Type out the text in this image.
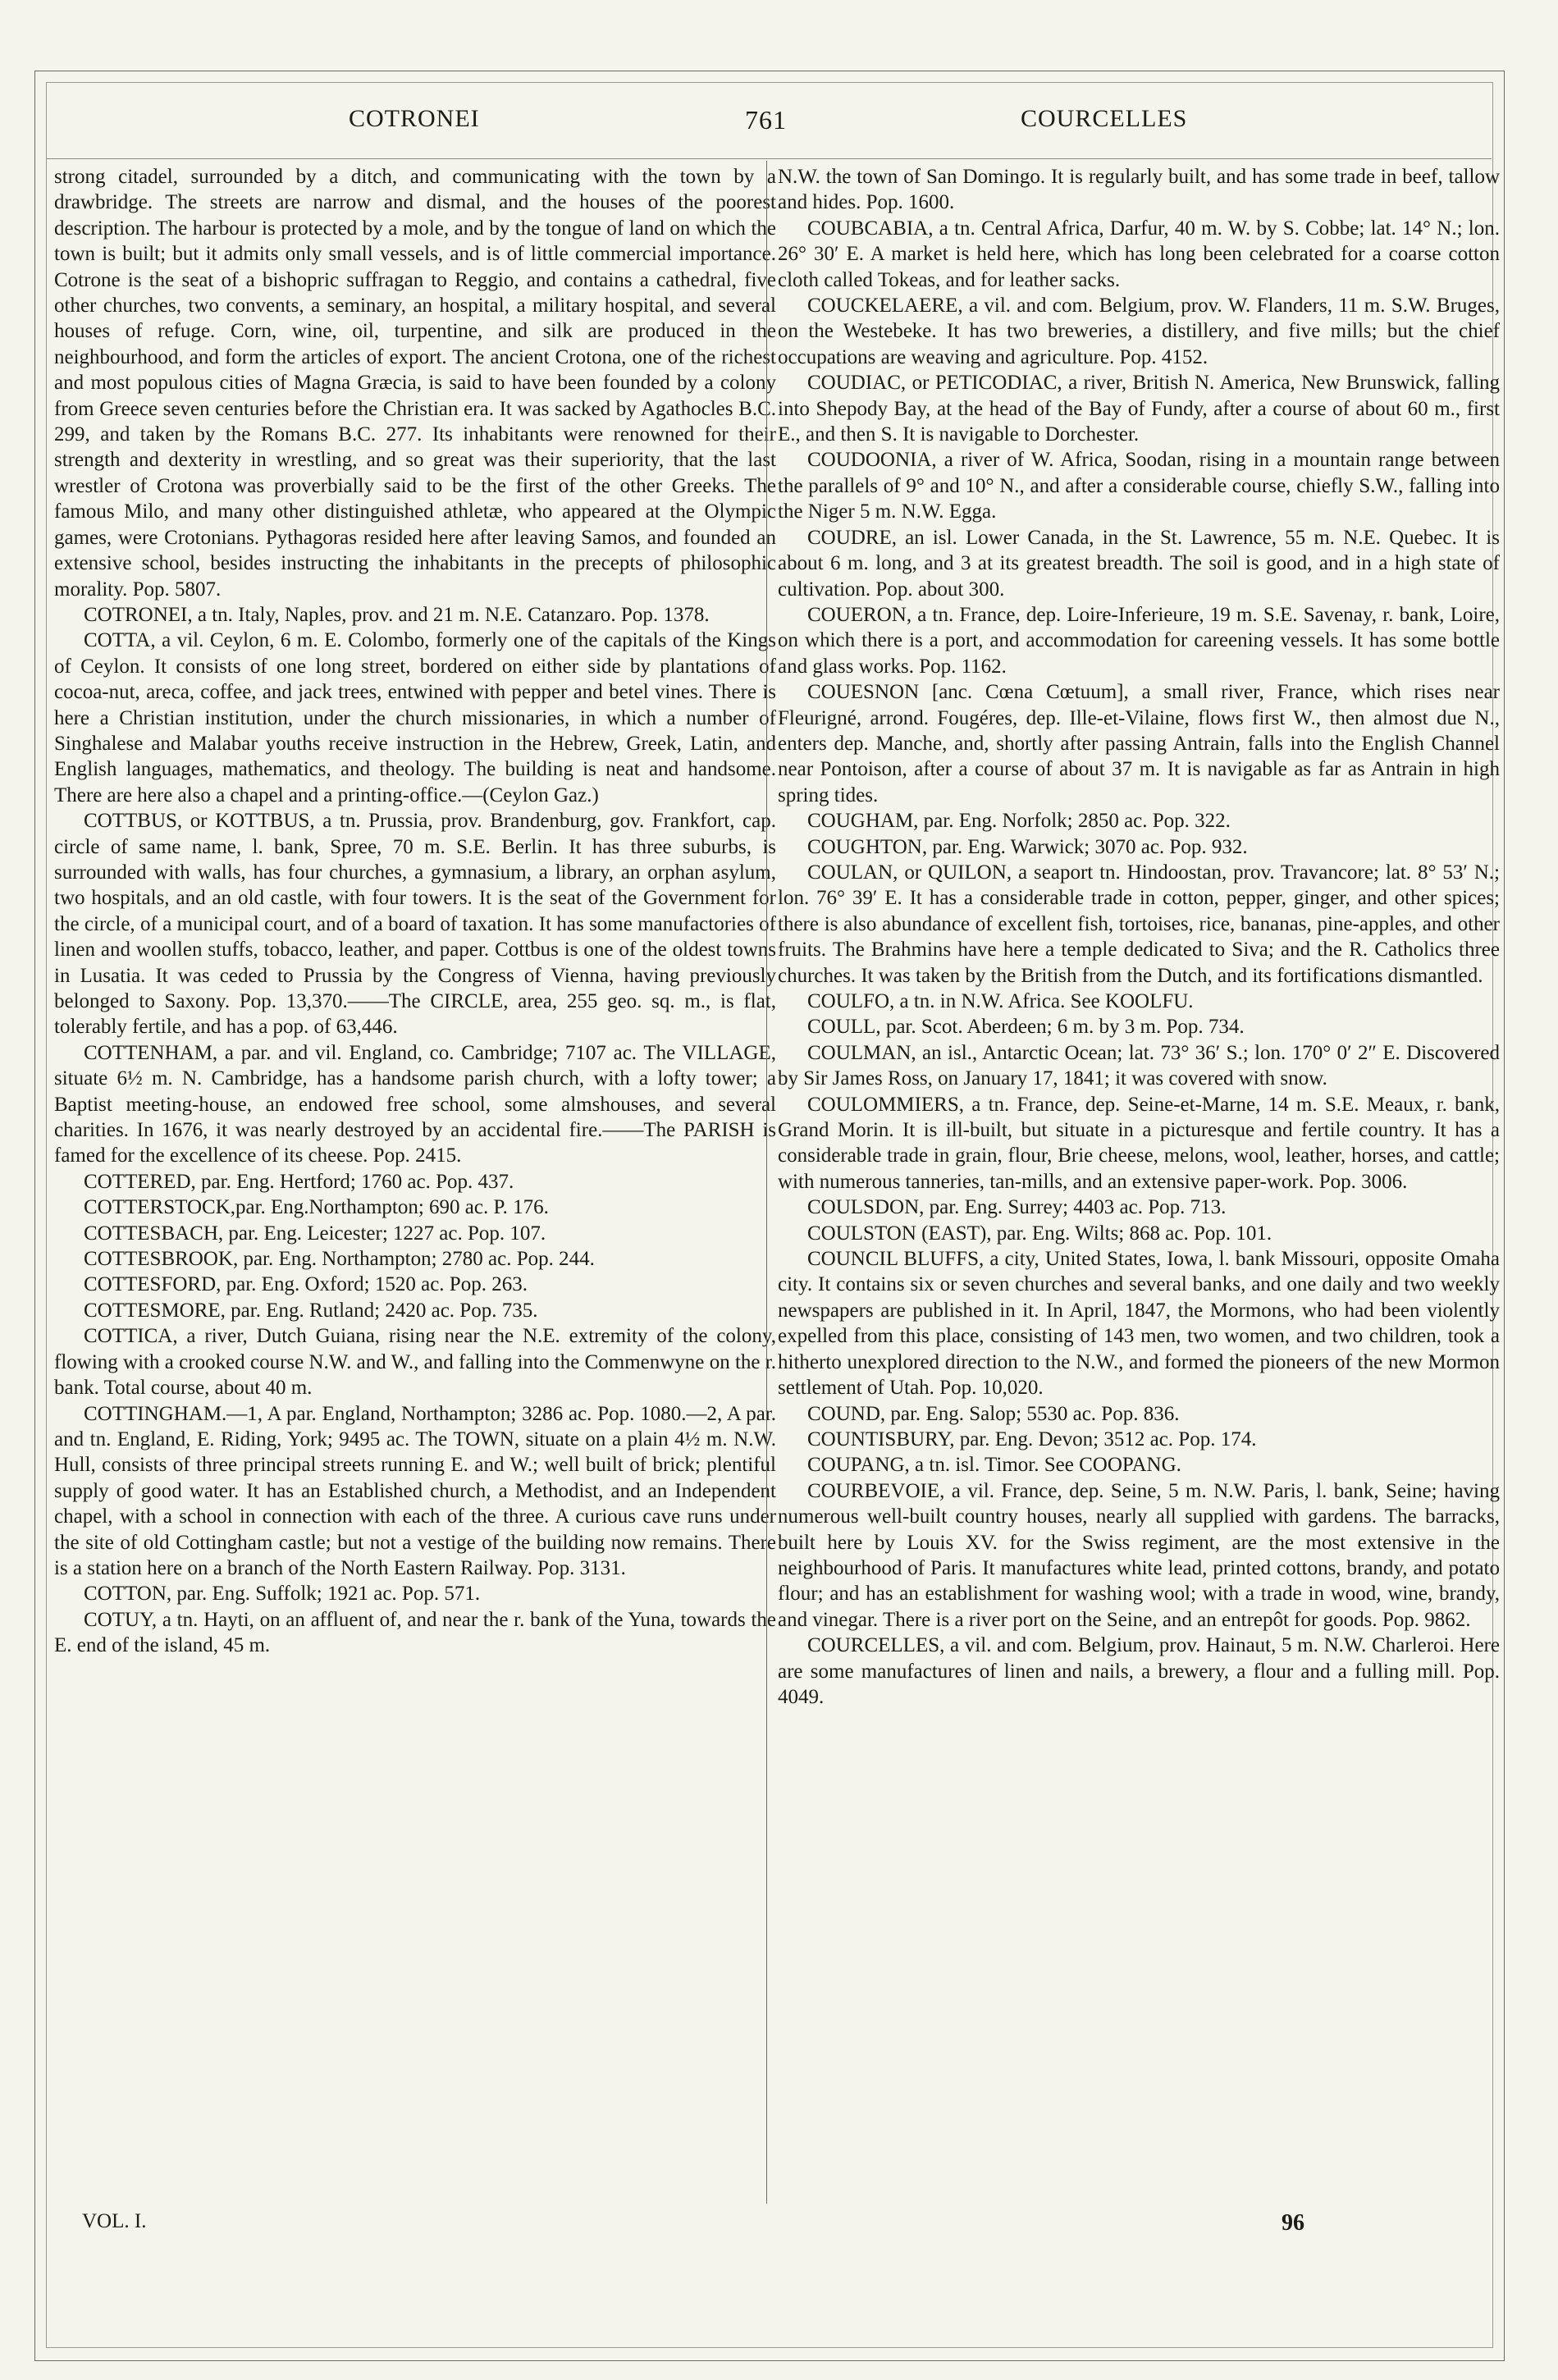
COTRONEI	761	COURCELLES

strong citadel, surrounded by a ditch, and communicating with the town by a drawbridge. The streets are narrow and dismal, and the houses of the poorest description. The harbour is protected by a mole, and by the tongue of land on which the town is built; but it admits only small vessels, and is of little commercial importance. Cotrone is the seat of a bishopric suffragan to Reggio, and contains a cathedral, five other churches, two convents, a seminary, an hospital, a military hospital, and several houses of refuge. Corn, wine, oil, turpentine, and silk are produced in the neighbourhood, and form the articles of export. The ancient Crotona, one of the richest and most populous cities of Magna Græcia, is said to have been founded by a colony from Greece seven centuries before the Christian era. It was sacked by Agathocles B.C. 299, and taken by the Romans B.C. 277. Its inhabitants were renowned for their strength and dexterity in wrestling, and so great was their superiority, that the last wrestler of Crotona was proverbially said to be the first of the other Greeks. The famous Milo, and many other distinguished athletæ, who appeared at the Olympic games, were Crotonians. Pythagoras resided here after leaving Samos, and founded an extensive school, besides instructing the inhabitants in the precepts of philosophic morality. Pop. 5807.

COTRONEI, a tn. Italy, Naples, prov. and 21 m. N.E. Catanzaro. Pop. 1378.

COTTA, a vil. Ceylon, 6 m. E. Colombo, formerly one of the capitals of the Kings of Ceylon. It consists of one long street, bordered on either side by plantations of cocoa-nut, areca, coffee, and jack trees, entwined with pepper and betel vines. There is here a Christian institution, under the church missionaries, in which a number of Singhalese and Malabar youths receive instruction in the Hebrew, Greek, Latin, and English languages, mathematics, and theology. The building is neat and handsome. There are here also a chapel and a printing-office.—(Ceylon Gaz.)

COTTBUS, or KOTTBUS, a tn. Prussia, prov. Brandenburg, gov. Frankfort, cap. circle of same name, l. bank, Spree, 70 m. S.E. Berlin. It has three suburbs, is surrounded with walls, has four churches, a gymnasium, a library, an orphan asylum, two hospitals, and an old castle, with four towers. It is the seat of the Government for the circle, of a municipal court, and of a board of taxation. It has some manufactories of linen and woollen stuffs, tobacco, leather, and paper. Cottbus is one of the oldest towns in Lusatia. It was ceded to Prussia by the Congress of Vienna, having previously belonged to Saxony. Pop. 13,370.——The CIRCLE, area, 255 geo. sq. m., is flat, tolerably fertile, and has a pop. of 63,446.

COTTENHAM, a par. and vil. England, co. Cambridge; 7107 ac. The VILLAGE, situate 6½ m. N. Cambridge, has a handsome parish church, with a lofty tower; a Baptist meeting-house, an endowed free school, some almshouses, and several charities. In 1676, it was nearly destroyed by an accidental fire.——The PARISH is famed for the excellence of its cheese. Pop. 2415.

COTTERED, par. Eng. Hertford; 1760 ac. Pop. 437.

COTTERSTOCK,par. Eng.Northampton; 690 ac. P. 176.

COTTESBACH, par. Eng. Leicester; 1227 ac. Pop. 107.

COTTESBROOK, par. Eng. Northampton; 2780 ac. Pop. 244.

COTTESFORD, par. Eng. Oxford; 1520 ac. Pop. 263.

COTTESMORE, par. Eng. Rutland; 2420 ac. Pop. 735.

COTTICA, a river, Dutch Guiana, rising near the N.E. extremity of the colony, flowing with a crooked course N.W. and W., and falling into the Commenwyne on the r. bank. Total course, about 40 m.

COTTINGHAM.—1, A par. England, Northampton; 3286 ac. Pop. 1080.—2, A par. and tn. England, E. Riding, York; 9495 ac. The TOWN, situate on a plain 4½ m. N.W. Hull, consists of three principal streets running E. and W.; well built of brick; plentiful supply of good water. It has an Established church, a Methodist, and an Independent chapel, with a school in connection with each of the three. A curious cave runs under the site of old Cottingham castle; but not a vestige of the building now remains. There is a station here on a branch of the North Eastern Railway. Pop. 3131.

COTTON, par. Eng. Suffolk; 1921 ac. Pop. 571.

COTUY, a tn. Hayti, on an affluent of, and near the r. bank of the Yuna, towards the E. end of the island, 45 m.

N.W. the town of San Domingo. It is regularly built, and has some trade in beef, tallow and hides. Pop. 1600.

COUBCABIA, a tn. Central Africa, Darfur, 40 m. W. by S. Cobbe; lat. 14° N.; lon. 26° 30′ E. A market is held here, which has long been celebrated for a coarse cotton cloth called Tokeas, and for leather sacks.

COUCKELAERE, a vil. and com. Belgium, prov. W. Flanders, 11 m. S.W. Bruges, on the Westebeke. It has two breweries, a distillery, and five mills; but the chief occupations are weaving and agriculture. Pop. 4152.

COUDIAC, or PETICODIAC, a river, British N. America, New Brunswick, falling into Shepody Bay, at the head of the Bay of Fundy, after a course of about 60 m., first E., and then S. It is navigable to Dorchester.

COUDOONIA, a river of W. Africa, Soodan, rising in a mountain range between the parallels of 9° and 10° N., and after a considerable course, chiefly S.W., falling into the Niger 5 m. N.W. Egga.

COUDRE, an isl. Lower Canada, in the St. Lawrence, 55 m. N.E. Quebec. It is about 6 m. long, and 3 at its greatest breadth. The soil is good, and in a high state of cultivation. Pop. about 300.

COUERON, a tn. France, dep. Loire-Inferieure, 19 m. S.E. Savenay, r. bank, Loire, on which there is a port, and accommodation for careening vessels. It has some bottle and glass works. Pop. 1162.

COUESNON [anc. Cœna Cœtuum], a small river, France, which rises near Fleurigné, arrond. Fougéres, dep. Ille-et-Vilaine, flows first W., then almost due N., enters dep. Manche, and, shortly after passing Antrain, falls into the English Channel near Pontoison, after a course of about 37 m. It is navigable as far as Antrain in high spring tides.

COUGHAM, par. Eng. Norfolk; 2850 ac. Pop. 322.

COUGHTON, par. Eng. Warwick; 3070 ac. Pop. 932.

COULAN, or QUILON, a seaport tn. Hindoostan, prov. Travancore; lat. 8° 53′ N.; lon. 76° 39′ E. It has a considerable trade in cotton, pepper, ginger, and other spices; there is also abundance of excellent fish, tortoises, rice, bananas, pine-apples, and other fruits. The Brahmins have here a temple dedicated to Siva; and the R. Catholics three churches. It was taken by the British from the Dutch, and its fortifications dismantled.

COULFO, a tn. in N.W. Africa. See KOOLFU.

COULL, par. Scot. Aberdeen; 6 m. by 3 m. Pop. 734.

COULMAN, an isl., Antarctic Ocean; lat. 73° 36′ S.; lon. 170° 0′ 2″ E. Discovered by Sir James Ross, on January 17, 1841; it was covered with snow.

COULOMMIERS, a tn. France, dep. Seine-et-Marne, 14 m. S.E. Meaux, r. bank, Grand Morin. It is ill-built, but situate in a picturesque and fertile country. It has a considerable trade in grain, flour, Brie cheese, melons, wool, leather, horses, and cattle; with numerous tanneries, tan-mills, and an extensive paper-work. Pop. 3006.

COULSDON, par. Eng. Surrey; 4403 ac. Pop. 713.

COULSTON (EAST), par. Eng. Wilts; 868 ac. Pop. 101.

COUNCIL BLUFFS, a city, United States, Iowa, l. bank Missouri, opposite Omaha city. It contains six or seven churches and several banks, and one daily and two weekly newspapers are published in it. In April, 1847, the Mormons, who had been violently expelled from this place, consisting of 143 men, two women, and two children, took a hitherto unexplored direction to the N.W., and formed the pioneers of the new Mormon settlement of Utah. Pop. 10,020.

COUND, par. Eng. Salop; 5530 ac. Pop. 836.

COUNTISBURY, par. Eng. Devon; 3512 ac. Pop. 174.

COUPANG, a tn. isl. Timor. See COOPANG.

COURBEVOIE, a vil. France, dep. Seine, 5 m. N.W. Paris, l. bank, Seine; having numerous well-built country houses, nearly all supplied with gardens. The barracks, built here by Louis XV. for the Swiss regiment, are the most extensive in the neighbourhood of Paris. It manufactures white lead, printed cottons, brandy, and potato flour; and has an establishment for washing wool; with a trade in wood, wine, brandy, and vinegar. There is a river port on the Seine, and an entrepôt for goods. Pop. 9862.

COURCELLES, a vil. and com. Belgium, prov. Hainaut, 5 m. N.W. Charleroi. Here are some manufactures of linen and nails, a brewery, a flour and a fulling mill. Pop. 4049.

VOL. I.	96
